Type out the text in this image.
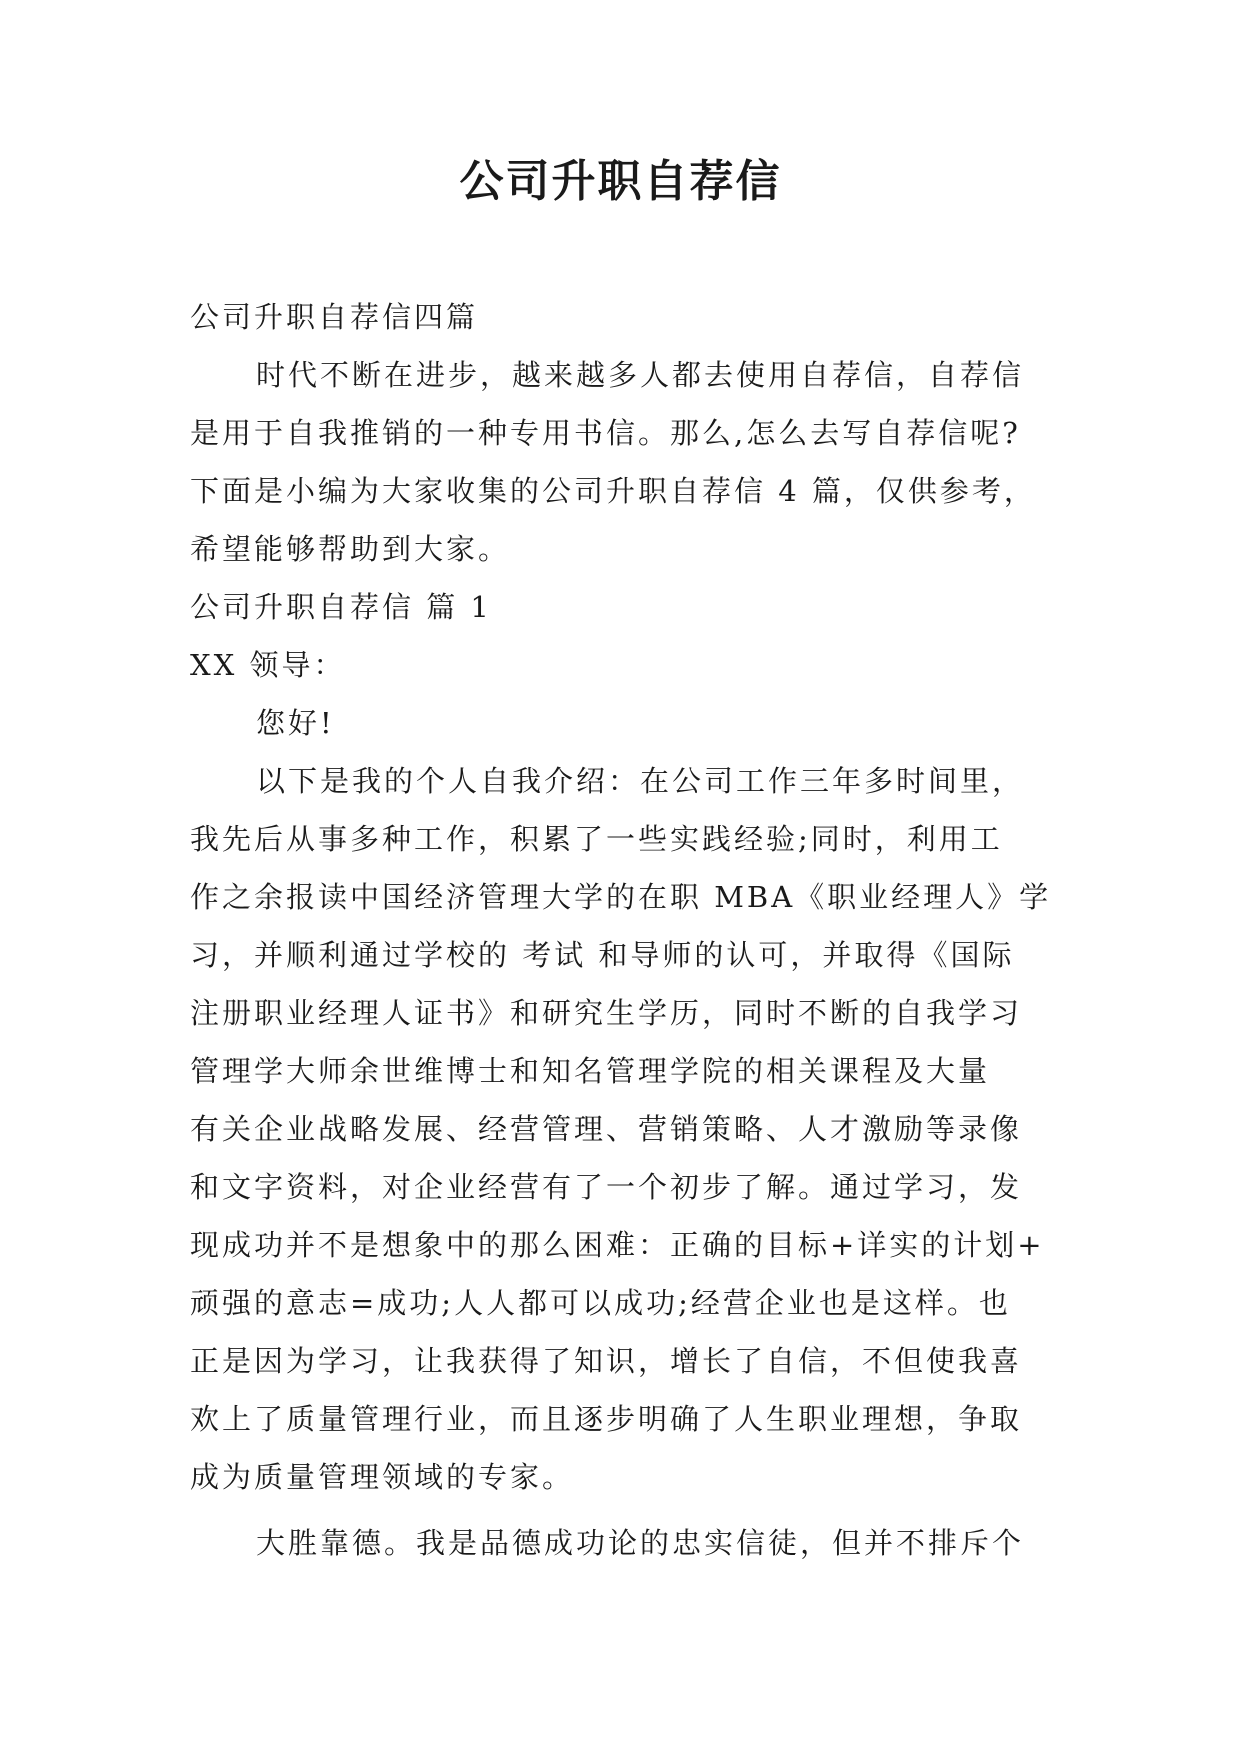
公司升职自荐信
公司升职自荐信四篇
时代不断在进步，越来越多人都去使用自荐信，自荐信
是用于自我推销的一种专用书信。那么,怎么去写自荐信呢?
下面是小编为大家收集的公司升职自荐信 4 篇，仅供参考，
希望能够帮助到大家。
公司升职自荐信 篇 1
XX 领导：
您好!
以下是我的个人自我介绍：在公司工作三年多时间里，
我先后从事多种工作，积累了一些实践经验;同时，利用工
作之余报读中国经济管理大学的在职 MBA《职业经理人》学
习，并顺利通过学校的 考试 和导师的认可，并取得《国际
注册职业经理人证书》和研究生学历，同时不断的自我学习
管理学大师余世维博士和知名管理学院的相关课程及大量
有关企业战略发展、经营管理、营销策略、人才激励等录像
和文字资料，对企业经营有了一个初步了解。通过学习，发
现成功并不是想象中的那么困难：正确的目标+详实的计划+
顽强的意志=成功;人人都可以成功;经营企业也是这样。也
正是因为学习，让我获得了知识，增长了自信，不但使我喜
欢上了质量管理行业，而且逐步明确了人生职业理想，争取
成为质量管理领域的专家。
大胜靠德。我是品德成功论的忠实信徒，但并不排斥个
